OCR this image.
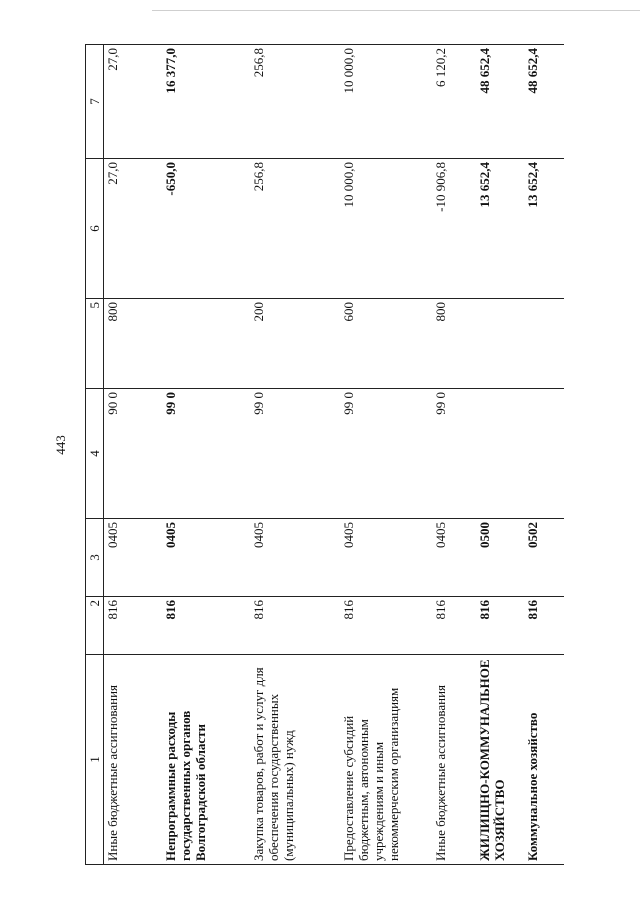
443
1	2	3	4	5	6	7
Иные бюджетные ассигнования	816	0405	90 0	800	27,0	27,0
Непрограммные расходы государственных органов Волгоградской области	816	0405	99 0		-650,0	16 377,0
Закупка товаров, работ и услуг для обеспечения государственных (муниципальных) нужд	816	0405	99 0	200	256,8	256,8
Предоставление субсидий бюджетным, автономным учреждениям и иным некоммерческим организациям	816	0405	99 0	600	10 000,0	10 000,0
Иные бюджетные ассигнования	816	0405	99 0	800	-10 906,8	6 120,2
ЖИЛИЩНО-КОММУНАЛЬНОЕ ХОЗЯЙСТВО	816	0500			13 652,4	48 652,4
Коммунальное хозяйство	816	0502			13 652,4	48 652,4
